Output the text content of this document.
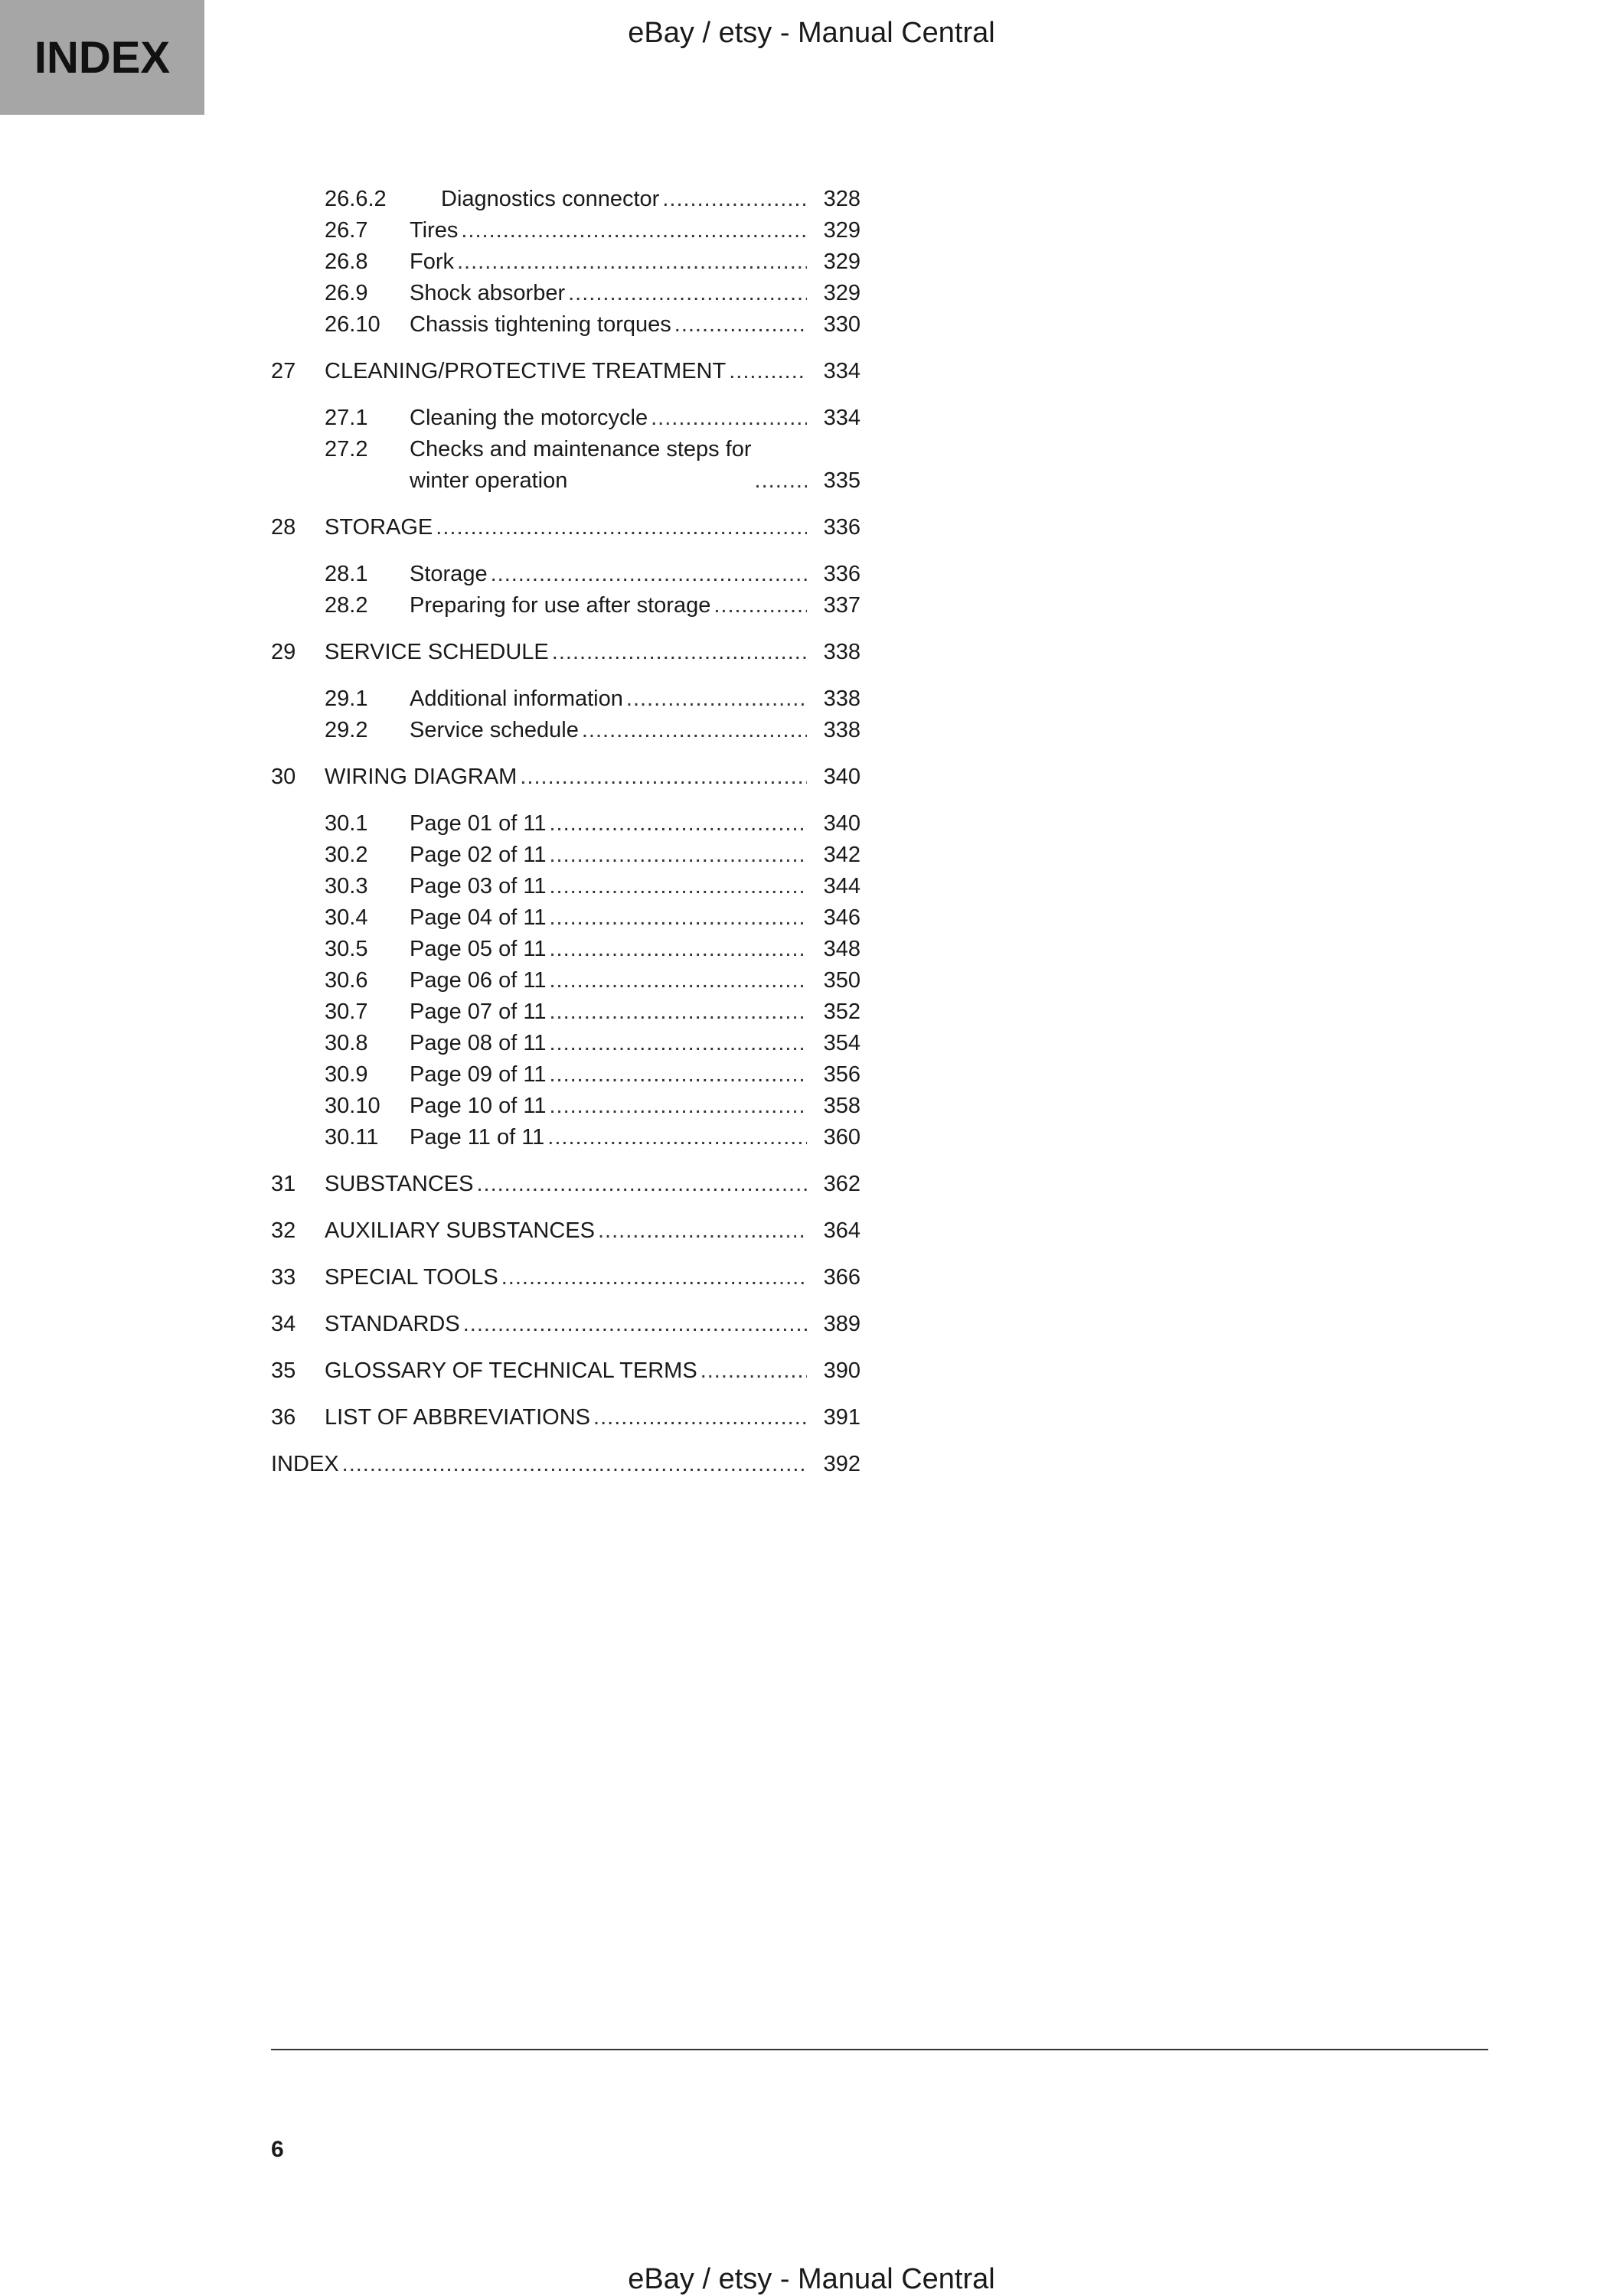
INDEX	eBay / etsy - Manual Central
26.6.2 Diagnostics connector .....	328
26.7 Tires .....	329
26.8 Fork .....	329
26.9 Shock absorber .....	329
26.10 Chassis tightening torques .....	330
27 CLEANING/PROTECTIVE TREATMENT .....	334
27.1 Cleaning the motorcycle .....	334
27.2 Checks and maintenance steps for
winter operation .....	335
28 STORAGE .....	336
28.1 Storage .....	336
28.2 Preparing for use after storage .....	337
29 SERVICE SCHEDULE .....	338
29.1 Additional information .....	338
29.2 Service schedule .....	338
30 WIRING DIAGRAM .....	340
30.1 Page 01 of 11 .....	340
30.2 Page 02 of 11 .....	342
30.3 Page 03 of 11 .....	344
30.4 Page 04 of 11 .....	346
30.5 Page 05 of 11 .....	348
30.6 Page 06 of 11 .....	350
30.7 Page 07 of 11 .....	352
30.8 Page 08 of 11 .....	354
30.9 Page 09 of 11 .....	356
30.10 Page 10 of 11 .....	358
30.11 Page 11 of 11 .....	360
31 SUBSTANCES .....	362
32 AUXILIARY SUBSTANCES .....	364
33 SPECIAL TOOLS .....	366
34 STANDARDS .....	389
35 GLOSSARY OF TECHNICAL TERMS .....	390
36 LIST OF ABBREVIATIONS .....	391
INDEX .....	392
6
eBay / etsy - Manual Central
